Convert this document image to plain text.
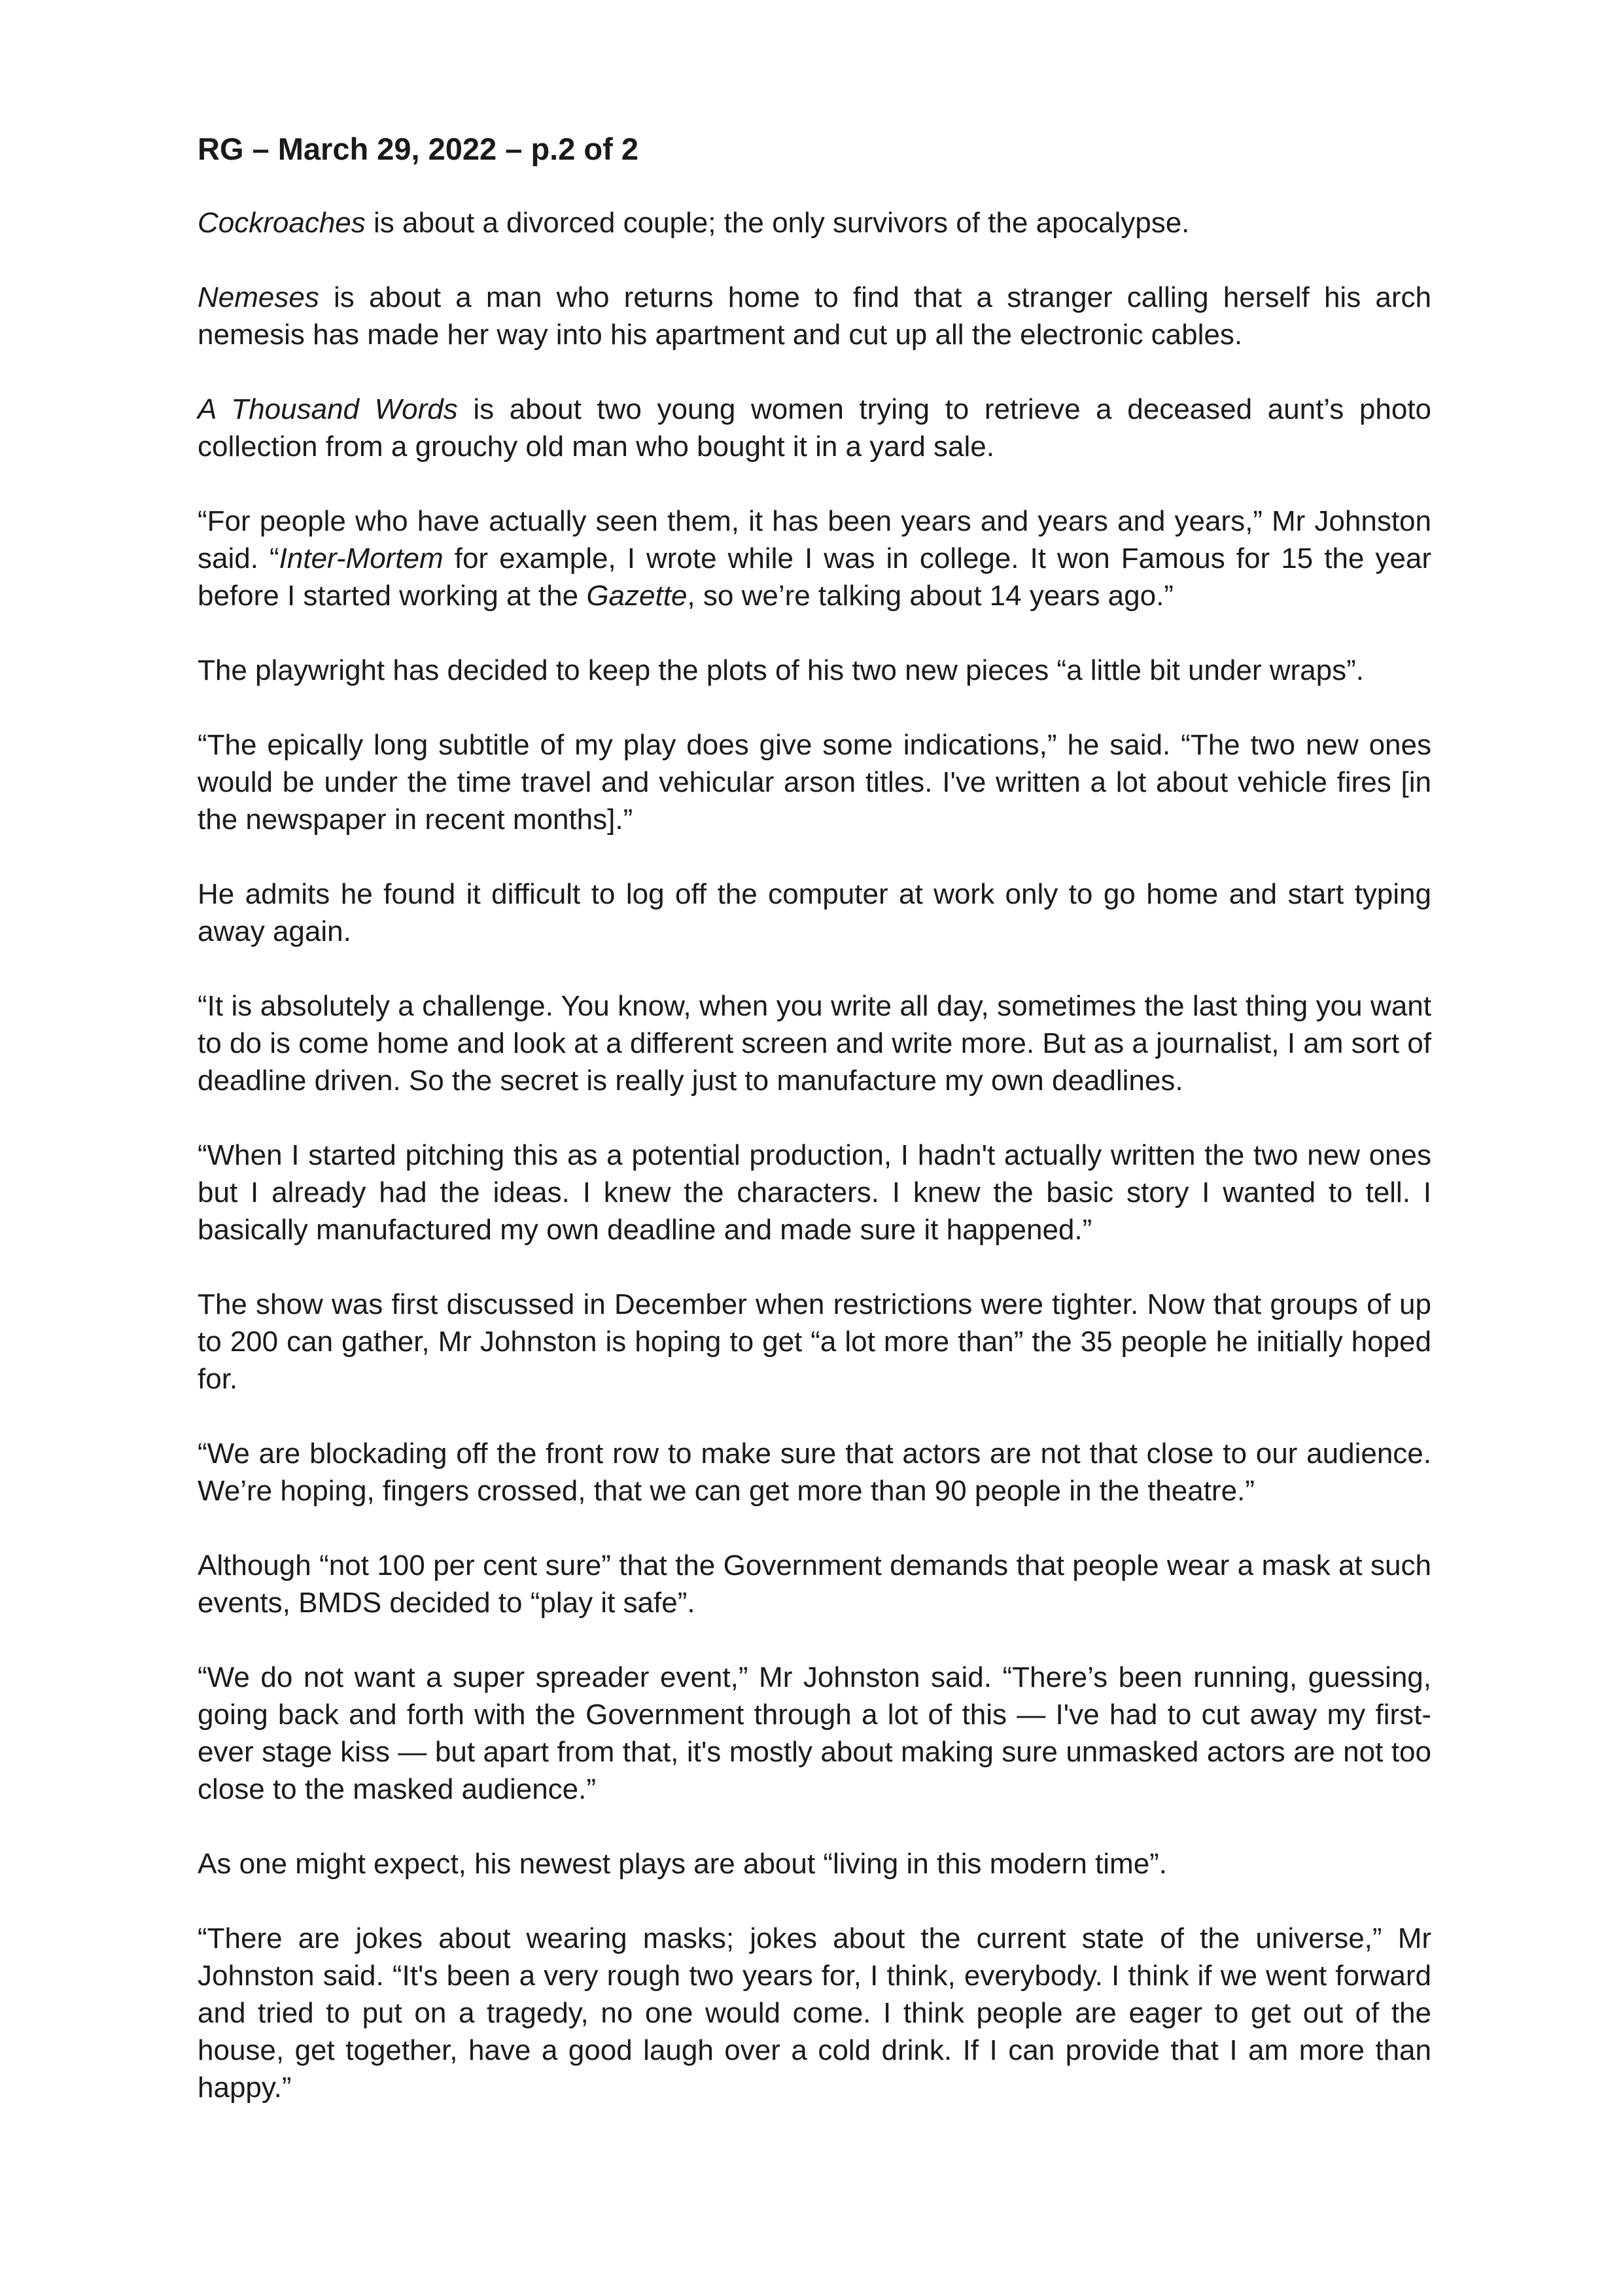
RG – March 29, 2022 – p.2 of 2

Cockroaches is about a divorced couple; the only survivors of the apocalypse.

Nemeses is about a man who returns home to find that a stranger calling herself his arch nemesis has made her way into his apartment and cut up all the electronic cables.

A Thousand Words is about two young women trying to retrieve a deceased aunt’s photo collection from a grouchy old man who bought it in a yard sale.

“For people who have actually seen them, it has been years and years and years,” Mr Johnston said. “Inter-Mortem for example, I wrote while I was in college. It won Famous for 15 the year before I started working at the Gazette, so we’re talking about 14 years ago.”

The playwright has decided to keep the plots of his two new pieces “a little bit under wraps”.

“The epically long subtitle of my play does give some indications,” he said. “The two new ones would be under the time travel and vehicular arson titles. I've written a lot about vehicle fires [in the newspaper in recent months].”

He admits he found it difficult to log off the computer at work only to go home and start typing away again.

“It is absolutely a challenge. You know, when you write all day, sometimes the last thing you want to do is come home and look at a different screen and write more. But as a journalist, I am sort of deadline driven. So the secret is really just to manufacture my own deadlines.

“When I started pitching this as a potential production, I hadn't actually written the two new ones but I already had the ideas. I knew the characters. I knew the basic story I wanted to tell. I basically manufactured my own deadline and made sure it happened.”

The show was first discussed in December when restrictions were tighter. Now that groups of up to 200 can gather, Mr Johnston is hoping to get “a lot more than” the 35 people he initially hoped for.

“We are blockading off the front row to make sure that actors are not that close to our audience. We’re hoping, fingers crossed, that we can get more than 90 people in the theatre.”

Although “not 100 per cent sure” that the Government demands that people wear a mask at such events, BMDS decided to “play it safe”.

“We do not want a super spreader event,” Mr Johnston said. “There’s been running, guessing, going back and forth with the Government through a lot of this — I've had to cut away my first-ever stage kiss — but apart from that, it's mostly about making sure unmasked actors are not too close to the masked audience.”

As one might expect, his newest plays are about “living in this modern time”.

“There are jokes about wearing masks; jokes about the current state of the universe,” Mr Johnston said. “It's been a very rough two years for, I think, everybody. I think if we went forward and tried to put on a tragedy, no one would come. I think people are eager to get out of the house, get together, have a good laugh over a cold drink. If I can provide that I am more than happy.”
